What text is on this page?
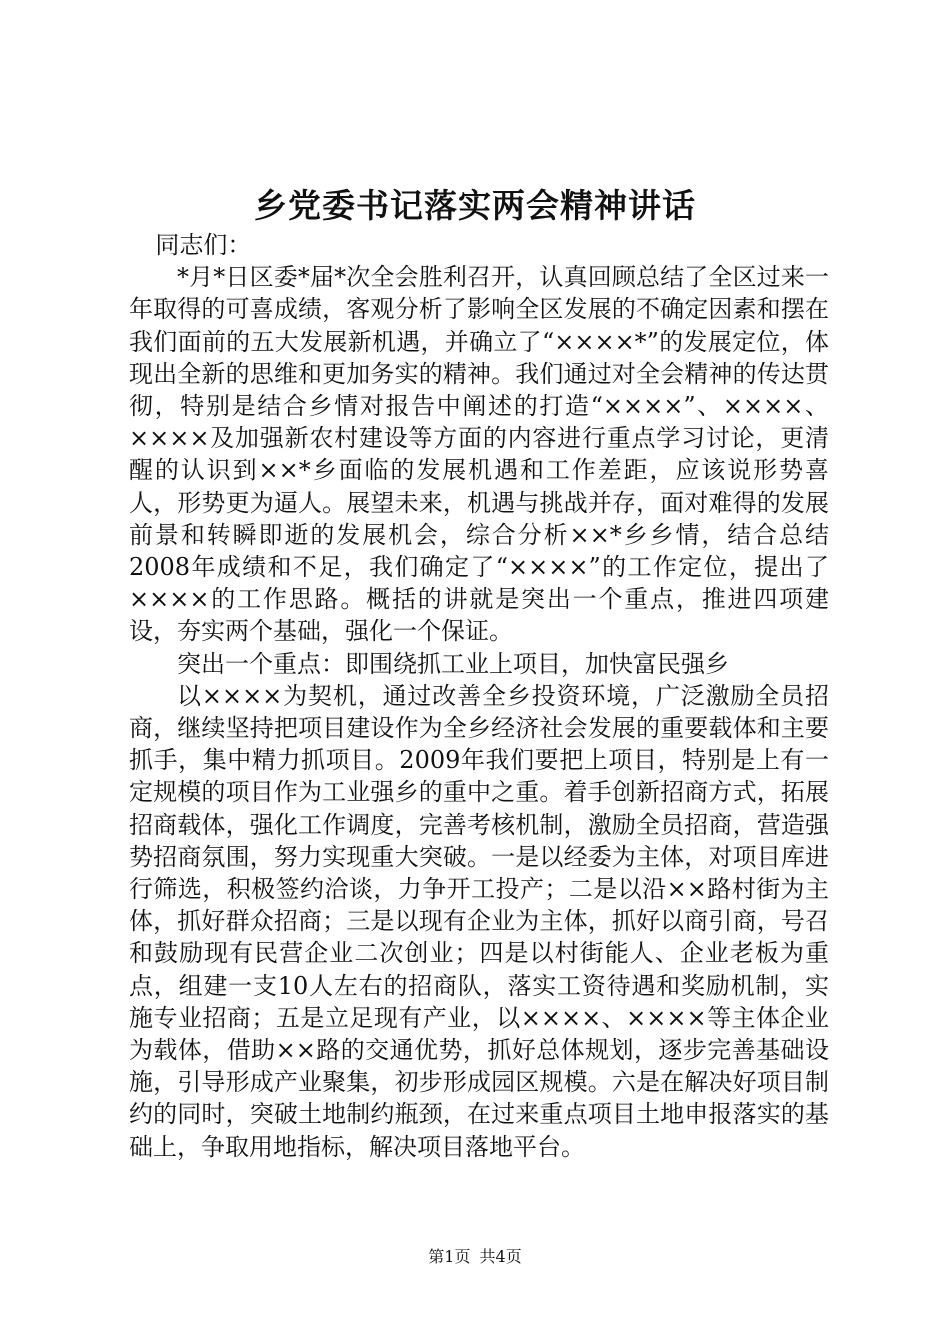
乡党委书记落实两会精神讲话

同志们：

*月*日区委*届*次全会胜利召开，认真回顾总结了全区过来一年取得的可喜成绩，客观分析了影响全区发展的不确定因素和摆在我们面前的五大发展新机遇，并确立了“××××*”的发展定位，体现出全新的思维和更加务实的精神。我们通过对全会精神的传达贯彻，特别是结合乡情对报告中阐述的打造“××××”、××××、××××及加强新农村建设等方面的内容进行重点学习讨论，更清醒的认识到××*乡面临的发展机遇和工作差距，应该说形势喜人，形势更为逼人。展望未来，机遇与挑战并存，面对难得的发展前景和转瞬即逝的发展机会，综合分析××*乡乡情，结合总结2008年成绩和不足，我们确定了“××××”的工作定位，提出了××××的工作思路。概括的讲就是突出一个重点，推进四项建设，夯实两个基础，强化一个保证。

突出一个重点：即围绕抓工业上项目，加快富民强乡

以××××为契机，通过改善全乡投资环境，广泛激励全员招商，继续坚持把项目建设作为全乡经济社会发展的重要载体和主要抓手，集中精力抓项目。2009年我们要把上项目，特别是上有一定规模的项目作为工业强乡的重中之重。着手创新招商方式，拓展招商载体，强化工作调度，完善考核机制，激励全员招商，营造强势招商氛围，努力实现重大突破。一是以经委为主体，对项目库进行筛选，积极签约洽谈，力争开工投产；二是以沿××路村街为主体，抓好群众招商；三是以现有企业为主体，抓好以商引商，号召和鼓励现有民营企业二次创业；四是以村街能人、企业老板为重点，组建一支10人左右的招商队，落实工资待遇和奖励机制，实施专业招商；五是立足现有产业，以××××、××××等主体企业为载体，借助××路的交通优势，抓好总体规划，逐步完善基础设施，引导形成产业聚集，初步形成园区规模。六是在解决好项目制约的同时，突破土地制约瓶颈，在过来重点项目土地申报落实的基础上，争取用地指标，解决项目落地平台。

第1页 共4页
